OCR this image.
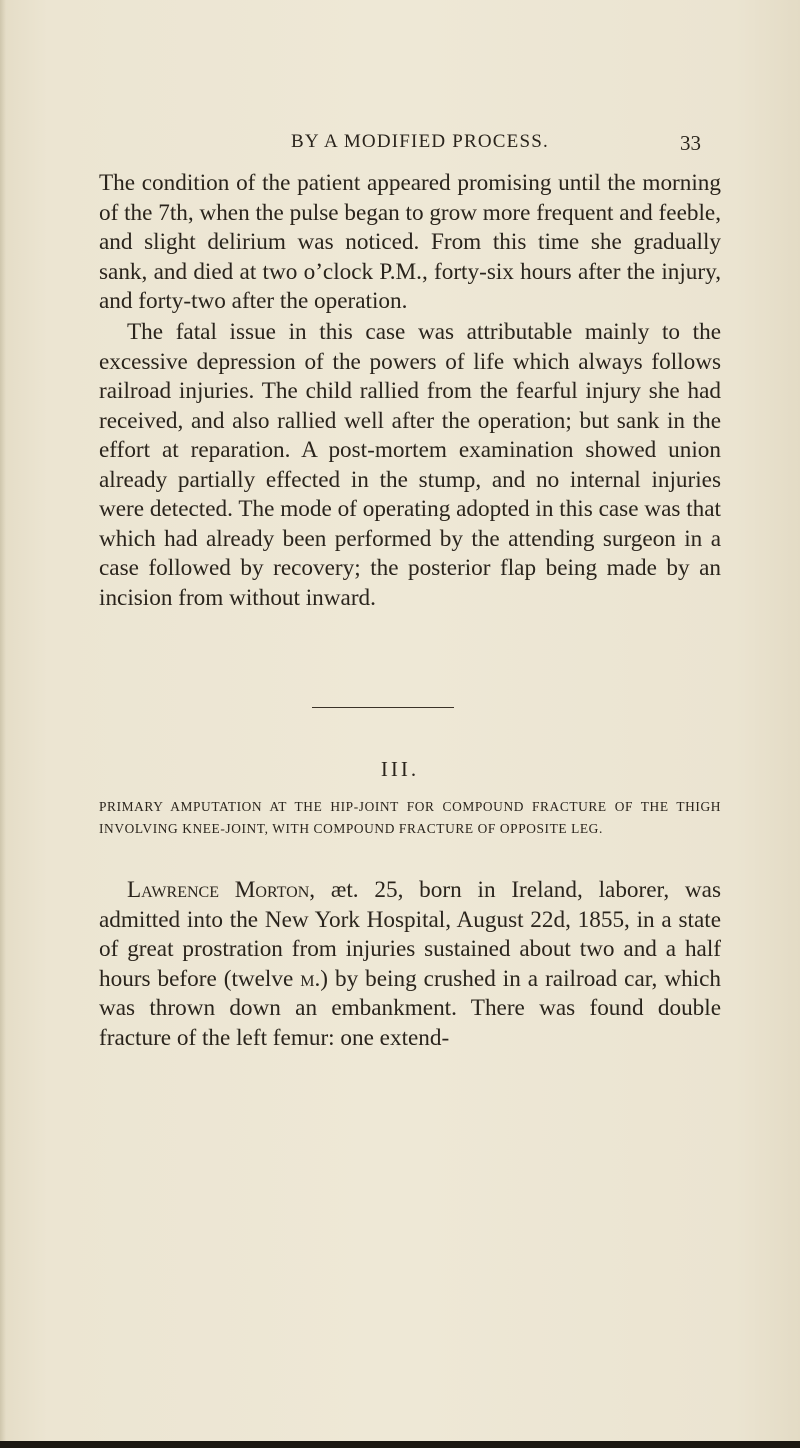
BY A MODIFIED PROCESS.	33

The condition of the patient appeared promising until the morning of the 7th, when the pulse began to grow more frequent and feeble, and slight delirium was noticed. From this time she gradually sank, and died at two o’clock P.M., forty-six hours after the injury, and forty-two after the operation.

The fatal issue in this case was attributable mainly to the excessive depression of the powers of life which always follows railroad injuries. The child rallied from the fearful injury she had received, and also rallied well after the operation; but sank in the effort at reparation. A post-mortem examination showed union already partially effected in the stump, and no internal injuries were detected. The mode of operating adopted in this case was that which had already been performed by the attending surgeon in a case followed by recovery; the posterior flap being made by an incision from without inward.

III.

PRIMARY AMPUTATION AT THE HIP-JOINT FOR COMPOUND FRACTURE OF THE THIGH INVOLVING KNEE-JOINT, WITH COMPOUND FRACTURE OF OPPOSITE LEG.

Lawrence Morton, æt. 25, born in Ireland, laborer, was admitted into the New York Hospital, August 22d, 1855, in a state of great prostration from injuries sustained about two and a half hours before (twelve m.) by being crushed in a railroad car, which was thrown down an embankment. There was found double fracture of the left femur: one extend-
